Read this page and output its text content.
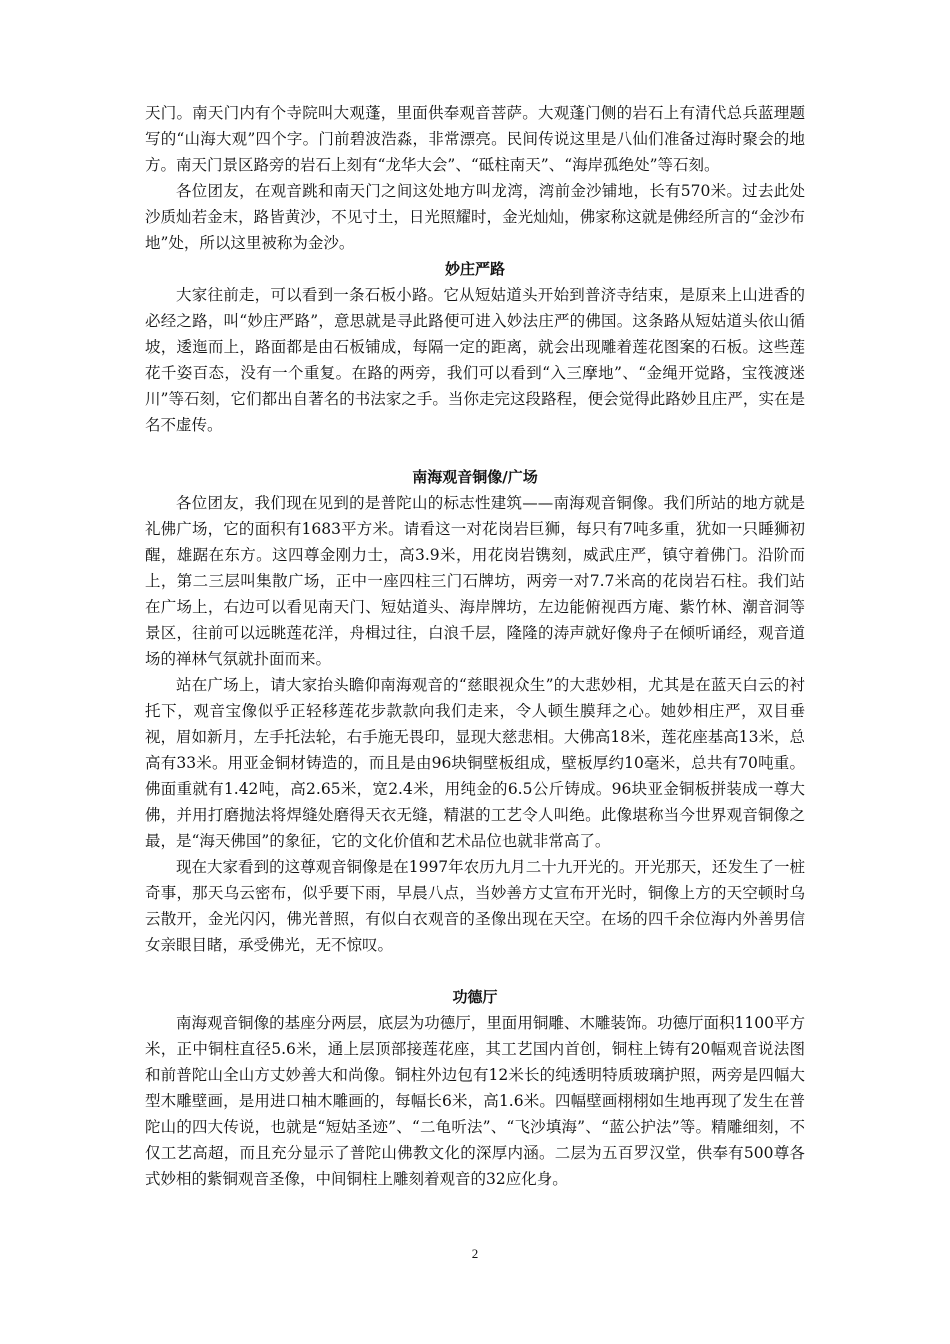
天门。南天门内有个寺院叫大观蓬，里面供奉观音菩萨。大观蓬门侧的岩石上有清代总兵蓝理题写的“山海大观”四个字。门前碧波浩淼，非常漂亮。民间传说这里是八仙们准备过海时聚会的地方。南天门景区路旁的岩石上刻有“龙华大会”、“砥柱南天”、“海岸孤绝处”等石刻。

各位团友，在观音跳和南天门之间这处地方叫龙湾，湾前金沙铺地，长有570米。过去此处沙质灿若金末，路皆黄沙，不见寸土，日光照耀时，金光灿灿，佛家称这就是佛经所言的“金沙布地”处，所以这里被称为金沙。

妙庄严路

大家往前走，可以看到一条石板小路。它从短姑道头开始到普济寺结束，是原来上山进香的必经之路，叫“妙庄严路”，意思就是寻此路便可进入妙法庄严的佛国。这条路从短姑道头依山循坡，逶迤而上，路面都是由石板铺成，每隔一定的距离，就会出现雕着莲花图案的石板。这些莲花千姿百态，没有一个重复。在路的两旁，我们可以看到“入三摩地”、“金绳开觉路，宝筏渡迷川”等石刻，它们都出自著名的书法家之手。当你走完这段路程，便会觉得此路妙且庄严，实在是名不虚传。

南海观音铜像/广场

各位团友，我们现在见到的是普陀山的标志性建筑——南海观音铜像。我们所站的地方就是礼佛广场，它的面积有1683平方米。请看这一对花岗岩巨狮，每只有7吨多重，犹如一只睡狮初醒，雄踞在东方。这四尊金刚力士，高3.9米，用花岗岩镌刻，威武庄严，镇守着佛门。沿阶而上，第二三层叫集散广场，正中一座四柱三门石牌坊，两旁一对7.7米高的花岗岩石柱。我们站在广场上，右边可以看见南天门、短姑道头、海岸牌坊，左边能俯视西方庵、紫竹林、潮音洞等景区，往前可以远眺莲花洋，舟楫过往，白浪千层，隆隆的涛声就好像舟子在倾听诵经，观音道场的禅林气氛就扑面而来。

站在广场上，请大家抬头瞻仰南海观音的“慈眼视众生”的大悲妙相，尤其是在蓝天白云的衬托下，观音宝像似乎正轻移莲花步款款向我们走来，令人顿生膜拜之心。她妙相庄严，双目垂视，眉如新月，左手托法轮，右手施无畏印，显现大慈悲相。大佛高18米，莲花座基高13米，总高有33米。用亚金铜材铸造的，而且是由96块铜壁板组成，壁板厚约10毫米，总共有70吨重。佛面重就有1.42吨，高2.65米，宽2.4米，用纯金的6.5公斤铸成。96块亚金铜板拼装成一尊大佛，并用打磨抛法将焊缝处磨得天衣无缝，精湛的工艺令人叫绝。此像堪称当今世界观音铜像之最，是“海天佛国”的象征，它的文化价值和艺术品位也就非常高了。

现在大家看到的这尊观音铜像是在1997年农历九月二十九开光的。开光那天，还发生了一桩奇事，那天乌云密布，似乎要下雨，早晨八点，当妙善方丈宣布开光时，铜像上方的天空顿时乌云散开，金光闪闪，佛光普照，有似白衣观音的圣像出现在天空。在场的四千余位海内外善男信女亲眼目睹，承受佛光，无不惊叹。

功德厅

南海观音铜像的基座分两层，底层为功德厅，里面用铜雕、木雕装饰。功德厅面积1100平方米，正中铜柱直径5.6米，通上层顶部接莲花座，其工艺国内首创，铜柱上铸有20幅观音说法图和前普陀山全山方丈妙善大和尚像。铜柱外边包有12米长的纯透明特质玻璃护照，两旁是四幅大型木雕壁画，是用进口柚木雕画的，每幅长6米，高1.6米。四幅壁画栩栩如生地再现了发生在普陀山的四大传说，也就是“短姑圣迹”、“二龟听法”、“飞沙填海”、“蓝公护法”等。精雕细刻，不仅工艺高超，而且充分显示了普陀山佛教文化的深厚内涵。二层为五百罗汉堂，供奉有500尊各式妙相的紫铜观音圣像，中间铜柱上雕刻着观音的32应化身。

2
